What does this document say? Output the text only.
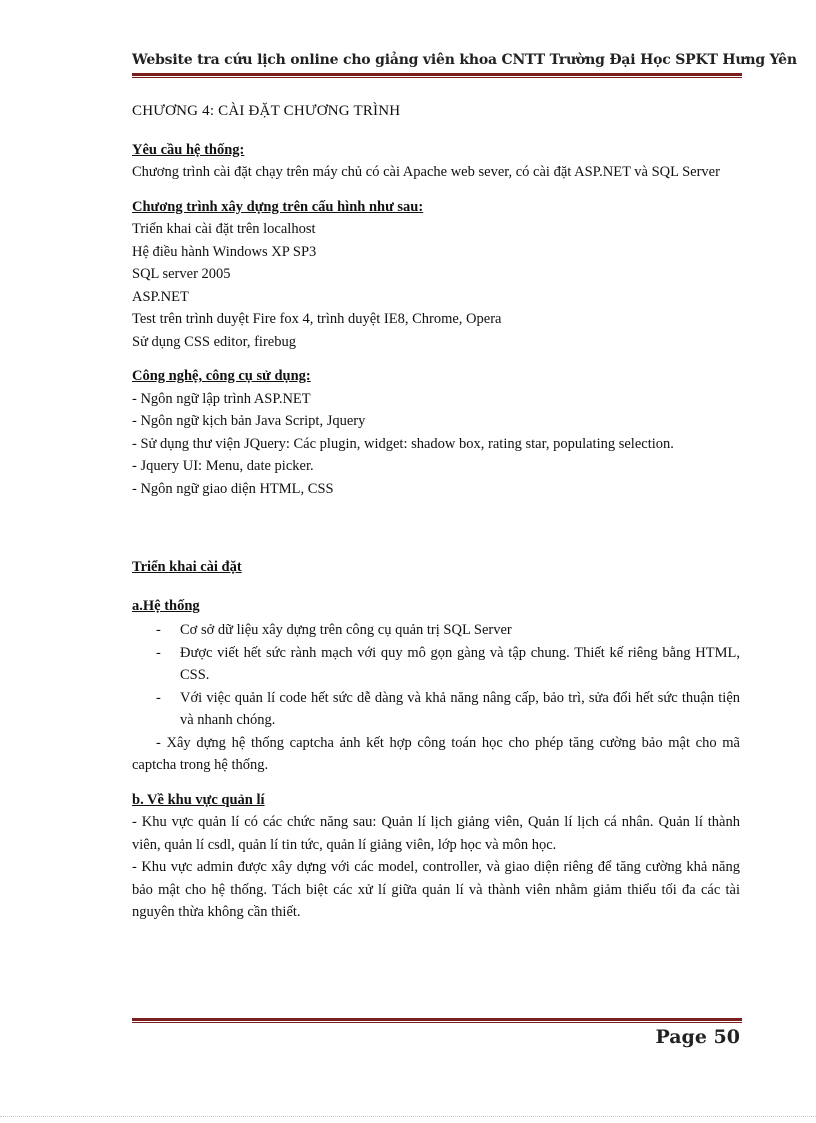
Website tra cứu lịch online cho giảng viên khoa CNTT Trường Đại Học SPKT Hưng Yên

CHƯƠNG 4: CÀI ĐẶT CHƯƠNG TRÌNH

Yêu cầu hệ thống:

Chương trình cài đặt chạy trên máy chủ có cài Apache web sever, có cài đặt ASP.NET và SQL Server

Chương trình xây dựng trên cấu hình như sau:

Triển khai cài đặt trên localhost
Hệ điều hành Windows XP SP3
SQL server 2005
ASP.NET
Test trên trình duyệt Fire fox 4, trình duyệt IE8, Chrome, Opera
Sử dụng CSS editor, firebug

Công nghệ, công cụ sử dụng:

- Ngôn ngữ lập trình ASP.NET
- Ngôn ngữ kịch bản Java Script, Jquery
- Sử dụng thư viện JQuery: Các plugin, widget: shadow box, rating star, populating selection.
- Jquery UI: Menu, date picker.
- Ngôn ngữ giao diện HTML, CSS

Triển khai cài đặt

a.Hệ thống

- Cơ sở dữ liệu xây dựng trên công cụ quản trị SQL Server
- Được viết hết sức rành mạch với quy mô gọn gàng và tập chung. Thiết kế riêng bằng HTML, CSS.
- Với việc quản lí code hết sức dễ dàng và khả năng nâng cấp, bảo trì, sửa đổi hết sức thuận tiện và nhanh chóng.

- Xây dựng hệ thống captcha ảnh kết hợp công toán học cho phép tăng cường bảo mật cho mã captcha trong hệ thống.

b. Về khu vực quản lí

- Khu vực quản lí có các chức năng sau: Quản lí lịch giảng viên, Quản lí lịch cá nhân. Quản lí thành viên, quản lí csdl, quản lí tin tức, quản lí giảng viên, lớp học và môn học.

- Khu vực admin được xây dựng với các model, controller, và giao diện riêng để tăng cường khả năng bảo mật cho hệ thống. Tách biệt các xử lí giữa quản lí và thành viên nhằm giảm thiểu tối đa các tài nguyên thừa không cần thiết.

Page 50
